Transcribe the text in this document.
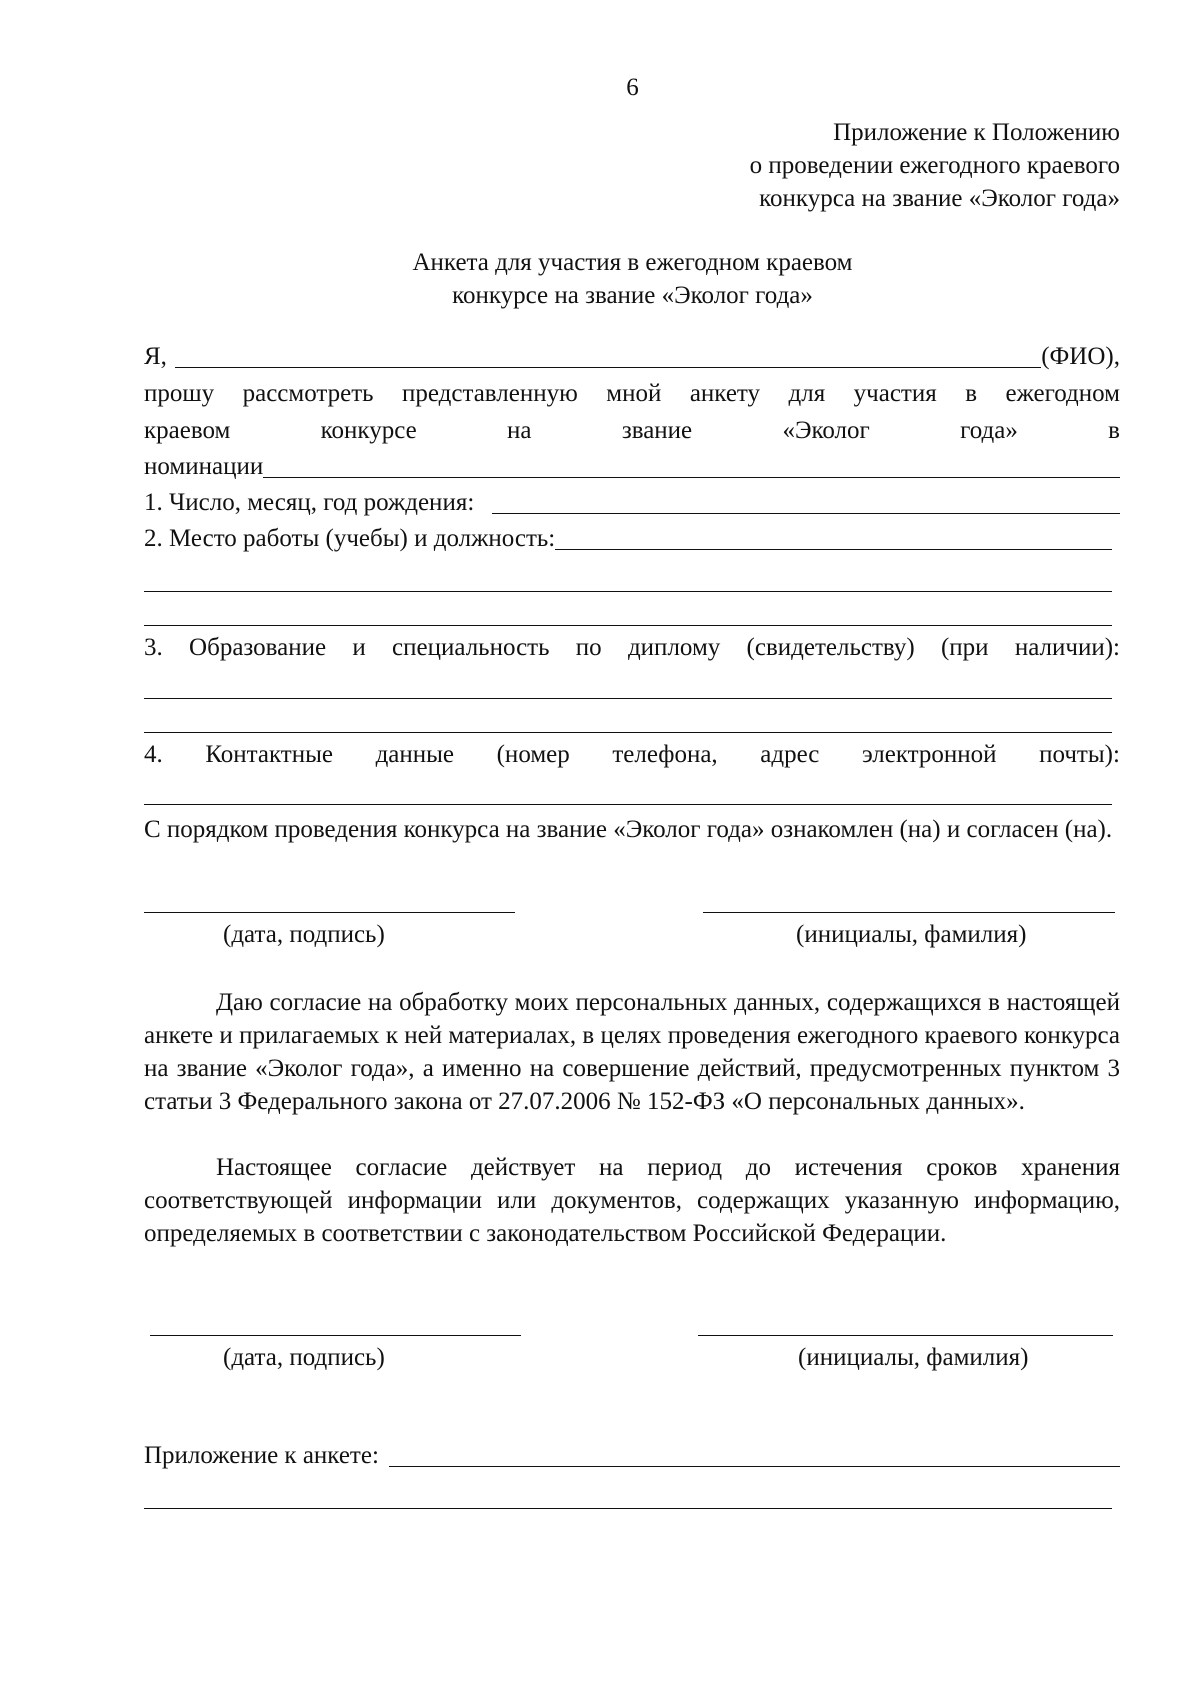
6
Приложение к Положению
о проведении ежегодного краевого
конкурса на звание «Эколог года»
Анкета для участия в ежегодном краевом
конкурсе на звание «Эколог года»
Я,	(ФИО),
прошу рассмотреть представленную мной анкету для участия в ежегодном
краевом	конкурсе	на	звание	«Эколог	года»	в
номинации
1. Число, месяц, год рождения:
2. Место работы (учебы) и должность:
3. Образование и специальность по диплому (свидетельству) (при наличии):
4. Контактные данные (номер телефона, адрес электронной почты):
С порядком проведения конкурса на звание «Эколог года» ознакомлен (на) и согласен (на).
(дата, подпись)	(инициалы, фамилия)
Даю согласие на обработку моих персональных данных, содержащихся в настоящей анкете и прилагаемых к ней материалах, в целях проведения ежегодного краевого конкурса на звание «Эколог года», а именно на совершение действий, предусмотренных пунктом 3 статьи 3 Федерального закона от 27.07.2006 № 152-ФЗ «О персональных данных».
Настоящее согласие действует на период до истечения сроков хранения соответствующей информации или документов, содержащих указанную информацию, определяемых в соответствии с законодательством Российской Федерации.
(дата, подпись)	(инициалы, фамилия)
Приложение к анкете:
